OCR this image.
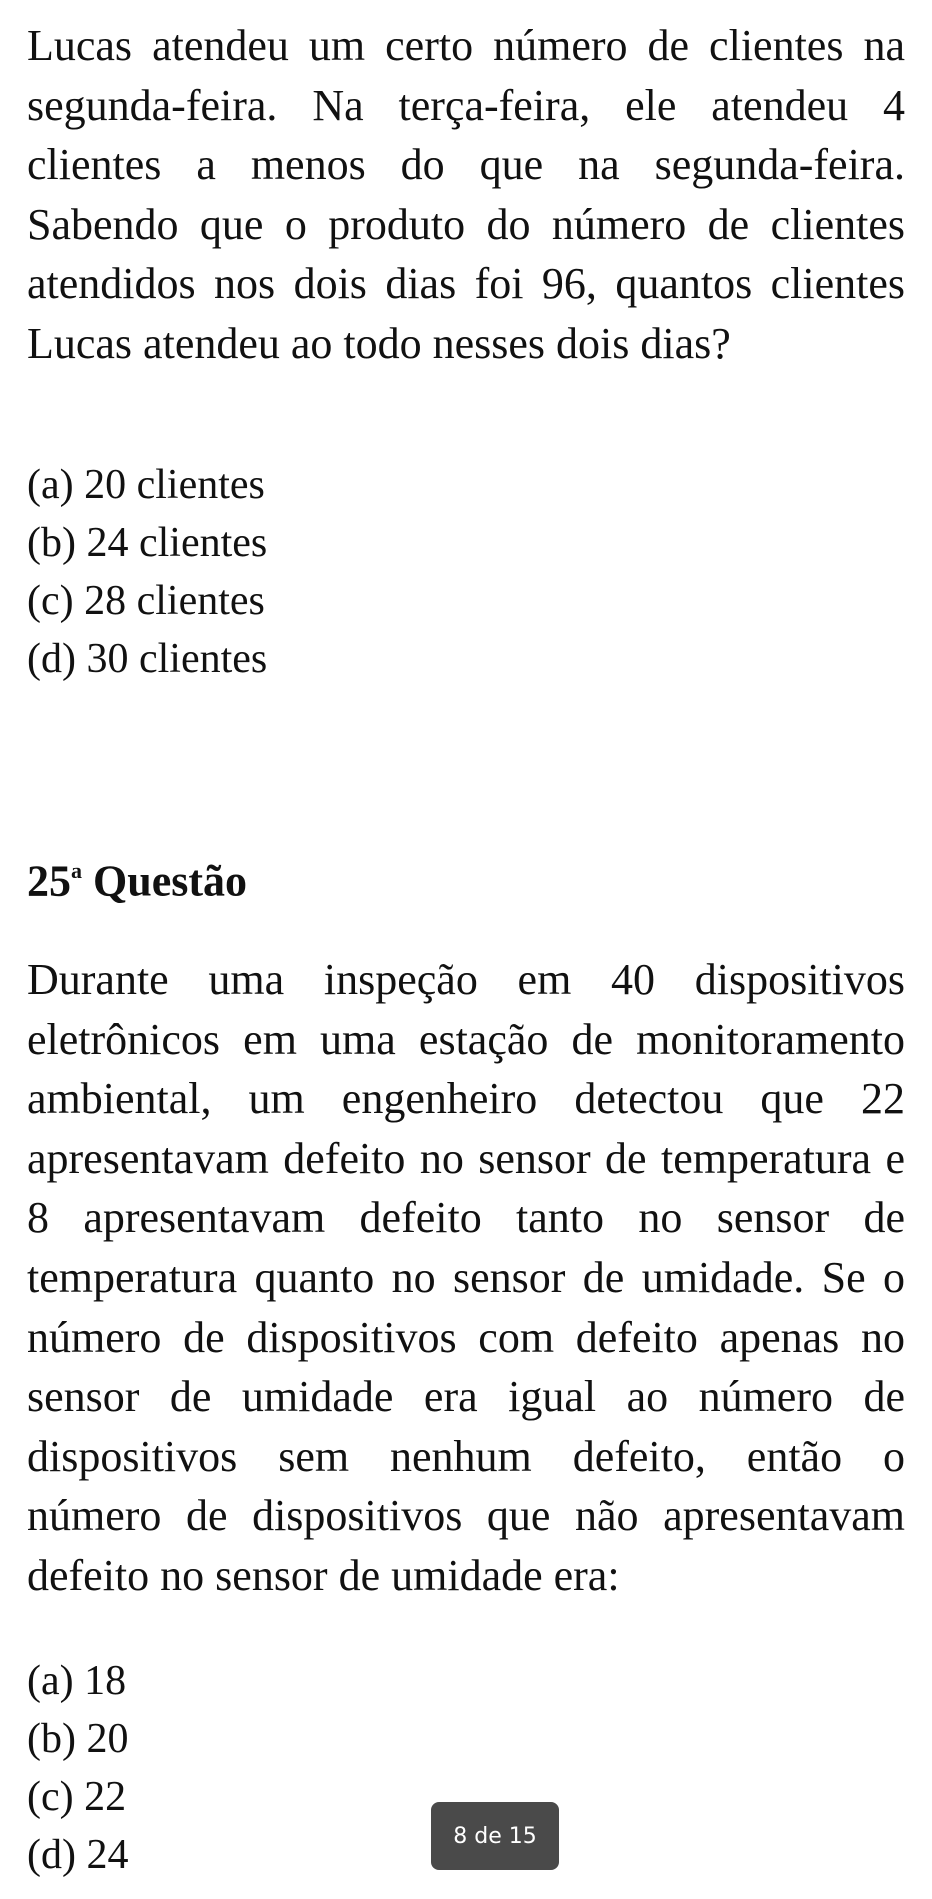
Lucas atendeu um certo número de clientes na
segunda-feira. Na terça-feira, ele atendeu 4
clientes a menos do que na segunda-feira.
Sabendo que o produto do número de clientes
atendidos nos dois dias foi 96, quantos clientes
Lucas atendeu ao todo nesses dois dias?
(a) 20 clientes
(b) 24 clientes
(c) 28 clientes
(d) 30 clientes
25$^a$ Questão
Durante uma inspeção em 40 dispositivos
eletrônicos em uma estação de monitoramento
ambiental, um engenheiro detectou que 22
apresentavam defeito no sensor de temperatura e
8 apresentavam defeito tanto no sensor de
temperatura quanto no sensor de umidade. Se o
número de dispositivos com defeito apenas no
sensor de umidade era igual ao número de
dispositivos sem nenhum defeito, então o
número de dispositivos que não apresentavam
defeito no sensor de umidade era:
(a) 18
(b) 20
(c) 22
(d) 24	8 de 15
